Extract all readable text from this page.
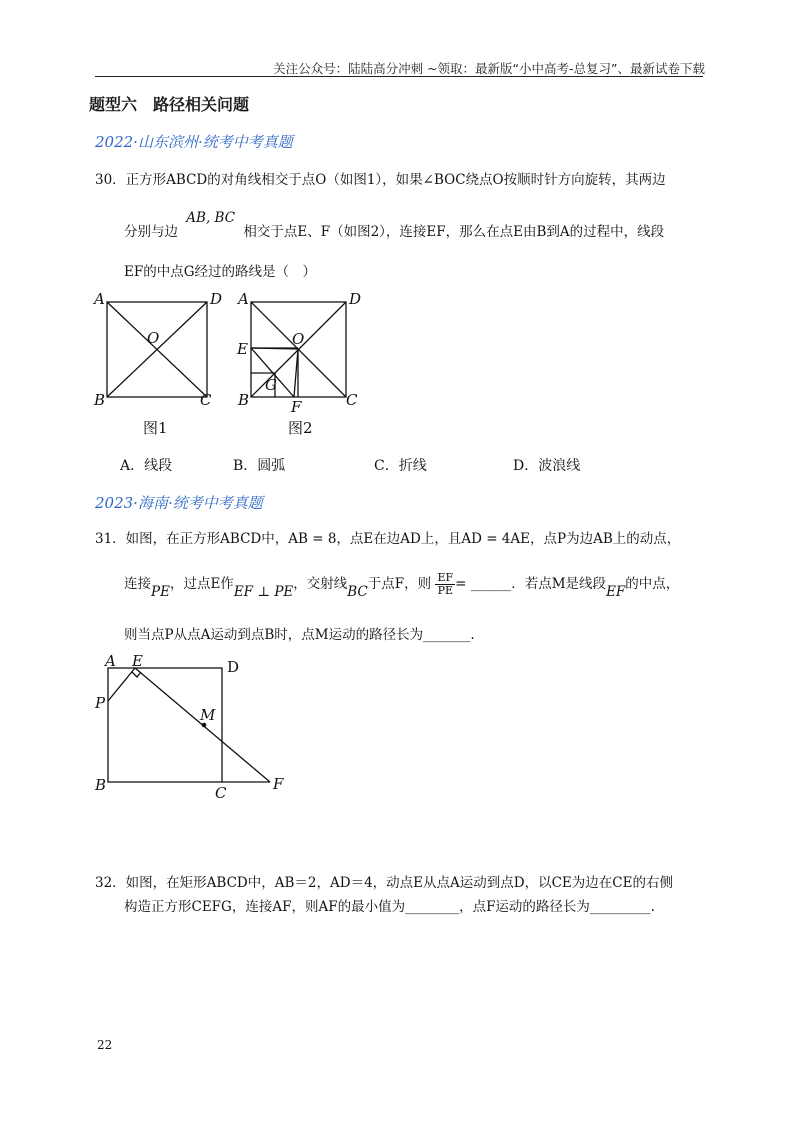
关注公众号：陆陆高分冲刺 ~领取：最新版“小中高考-总复习”、最新试卷下载
题型六　路径相关问题
2022·山东滨州·统考中考真题
30．正方形ABCD的对角线相交于点O（如图1），如果∠BOC绕点O按顺时针方向旋转，其两边
分别与边 AB, BC 相交于点E、F（如图2），连接EF，那么在点E由B到A的过程中，线段
EF的中点G经过的路线是（　）
A	D
O
B	C
图1
A	D
O
E
G
B	F	C
图2
A．线段	B．圆弧	C．折线	D．波浪线
2023·海南·统考中考真题
31．如图，在正方形ABCD中，AB = 8，点E在边AD上，且AD = 4AE，点P为边AB上的动点，
连接PE，过点E作EF ⊥ PE，交射线BC于点F，则 $\frac{EF}{PE}$ = ______．若点M是线段EF的中点，
则当点P从点A运动到点B时，点M运动的路径长为_______.
A E	D
P
M
B	C	F
32．如图，在矩形ABCD中，AB＝2，AD＝4，动点E从点A运动到点D，以CE为边在CE的右侧
构造正方形CEFG，连接AF，则AF的最小值为________，点F运动的路径长为_________.
22
